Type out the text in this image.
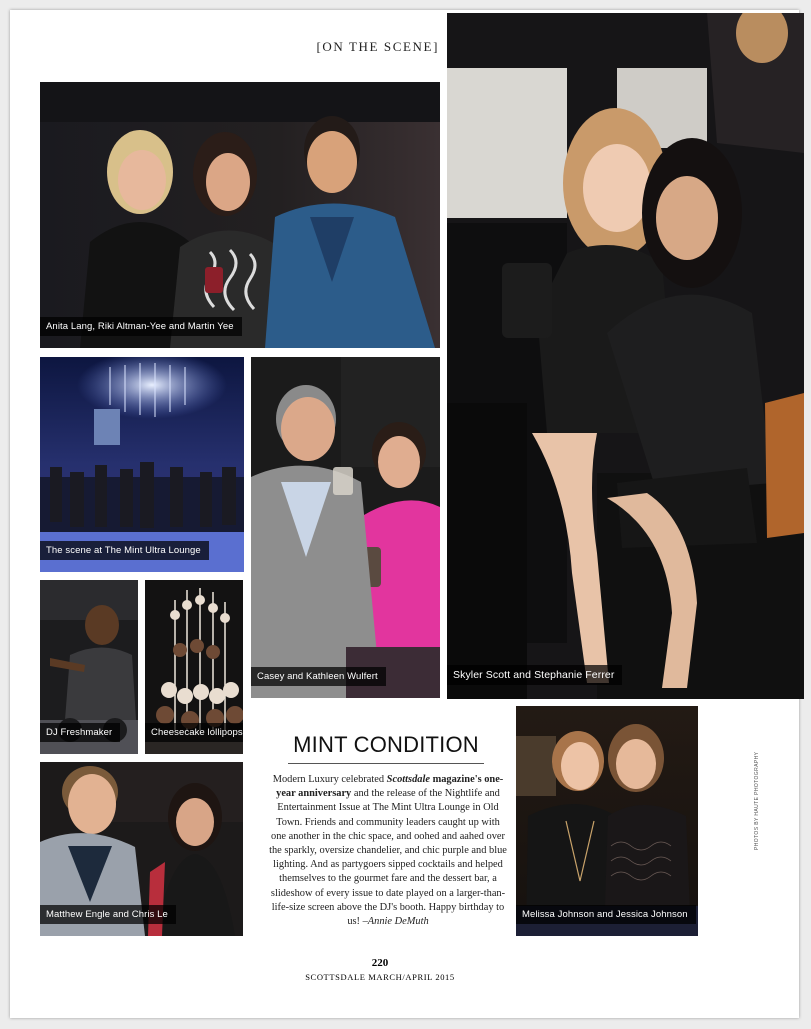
[ON THE SCENE]
Anita Lang, Riki Altman-Yee and Martin Yee
Skyler Scott and Stephanie Ferrer
The scene at The Mint Ultra Lounge
Casey and Kathleen Wulfert
DJ Freshmaker	Cheesecake lollipops
Matthew Engle and Chris Le	Melissa Johnson and Jessica Johnson
MINT CONDITION
Modern Luxury celebrated Scottsdale magazine's one-year anniversary and the release of the Nightlife and Entertainment Issue at The Mint Ultra Lounge in Old Town. Friends and community leaders caught up with one another in the chic space, and oohed and aahed over the sparkly, oversize chandelier, and chic purple and blue lighting. And as partygoers sipped cocktails and helped themselves to the gourmet fare and the dessert bar, a slideshow of every issue to date played on a larger-than-life-size screen above the DJ's booth. Happy birthday to us! –Annie DeMuth
220
SCOTTSDALE MARCH/APRIL 2015
PHOTOS BY HAUTE PHOTOGRAPHY
